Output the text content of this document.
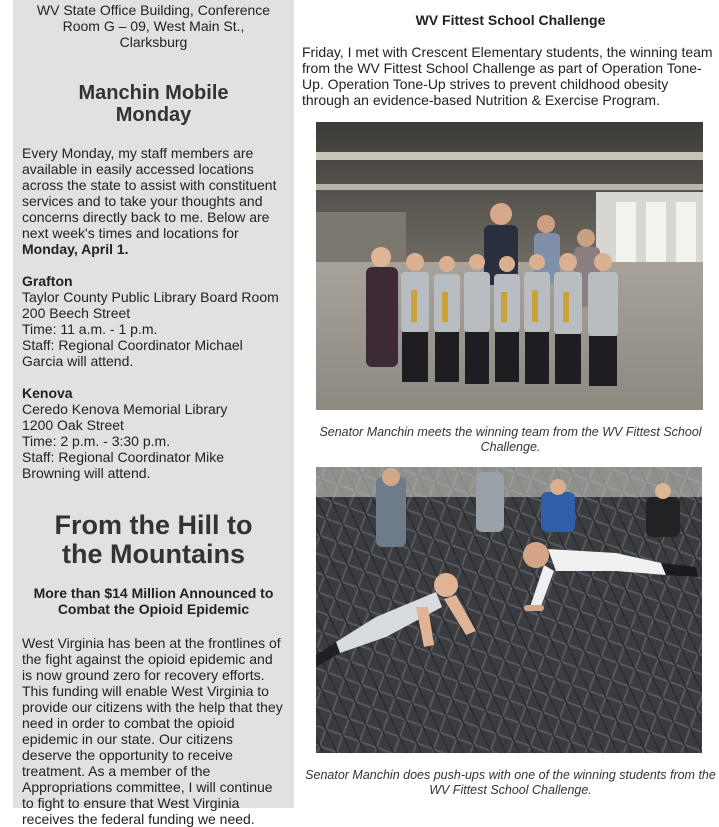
WV State Office Building, Conference
Room G – 09, West Main St.,
Clarksburg
Manchin Mobile
Monday
Every Monday, my staff members are available in easily accessed locations across the state to assist with constituent services and to take your thoughts and concerns directly back to me. Below are next week's times and locations for Monday, April 1.
Grafton
Taylor County Public Library Board Room
200 Beech Street
Time: 11 a.m. - 1 p.m.
Staff: Regional Coordinator Michael Garcia will attend.
Kenova
Ceredo Kenova Memorial Library
1200 Oak Street
Time: 2 p.m. - 3:30 p.m.
Staff: Regional Coordinator Mike Browning will attend.
From the Hill to
the Mountains
More than $14 Million Announced to Combat the Opioid Epidemic
West Virginia has been at the frontlines of the fight against the opioid epidemic and is now ground zero for recovery efforts. This funding will enable West Virginia to provide our citizens with the help that they need in order to combat the opioid epidemic in our state. Our citizens deserve the opportunity to receive treatment. As a member of the Appropriations committee, I will continue to fight to ensure that West Virginia receives the federal funding we need.
WV Fittest School Challenge
Friday, I met with Crescent Elementary students, the winning team from the WV Fittest School Challenge as part of Operation Tone-Up. Operation Tone-Up strives to prevent childhood obesity through an evidence-based Nutrition & Exercise Program.
Senator Manchin meets the winning team from the WV Fittest School Challenge.
Senator Manchin does push-ups with one of the winning students from the WV Fittest School Challenge.
